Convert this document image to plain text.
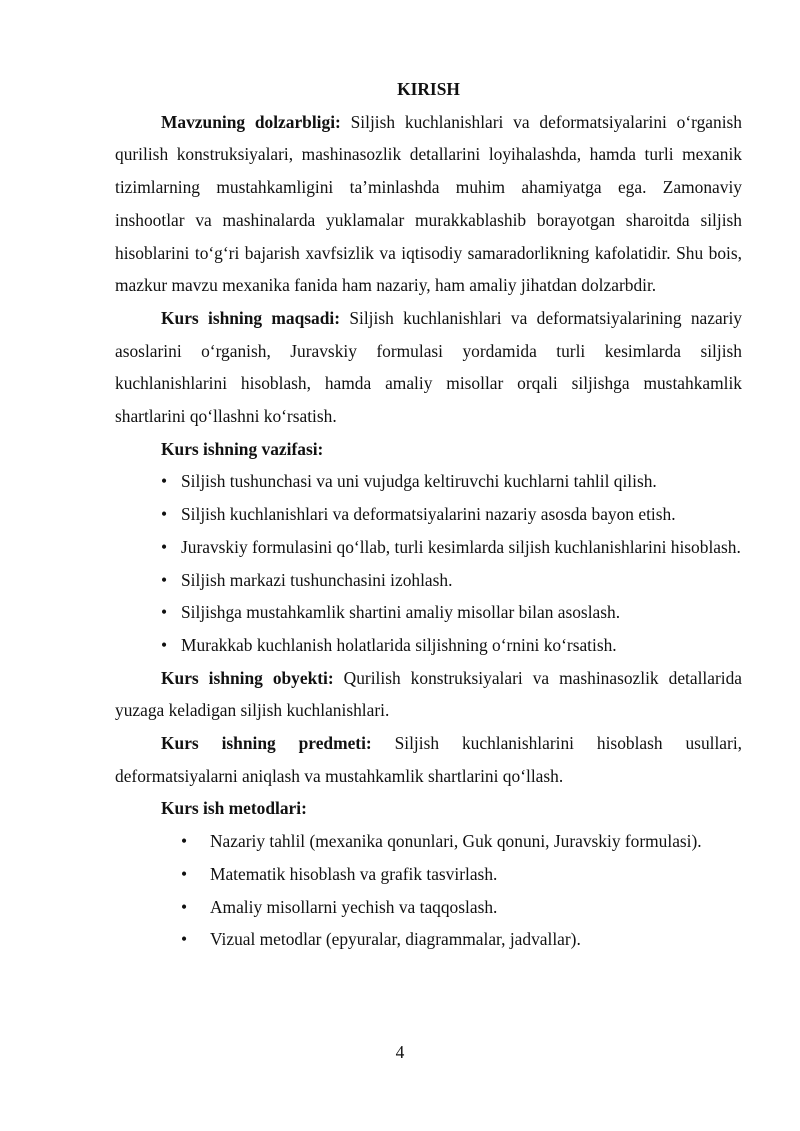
KIRISH

Mavzuning dolzarbligi: Siljish kuchlanishlari va deformatsiyalarini o‘rganish qurilish konstruksiyalari, mashinasozlik detallarini loyihalashda, hamda turli mexanik tizimlarning mustahkamligini ta’minlashda muhim ahamiyatga ega. Zamonaviy inshootlar va mashinalarda yuklamalar murakkablashib borayotgan sharoitda siljish hisoblarini to‘g‘ri bajarish xavfsizlik va iqtisodiy samaradorlikning kafolatidir. Shu bois, mazkur mavzu mexanika fanida ham nazariy, ham amaliy jihatdan dolzarbdir.

Kurs ishning maqsadi: Siljish kuchlanishlari va deformatsiyalarining nazariy asoslarini o‘rganish, Juravskiy formulasi yordamida turli kesimlarda siljish kuchlanishlarini hisoblash, hamda amaliy misollar orqali siljishga mustahkamlik shartlarini qo‘llashni ko‘rsatish.

Kurs ishning vazifasi:

• Siljish tushunchasi va uni vujudga keltiruvchi kuchlarni tahlil qilish.
• Siljish kuchlanishlari va deformatsiyalarini nazariy asosda bayon etish.
• Juravskiy formulasini qo‘llab, turli kesimlarda siljish kuchlanishlarini hisoblash.
• Siljish markazi tushunchasini izohlash.
• Siljishga mustahkamlik shartini amaliy misollar bilan asoslash.
• Murakkab kuchlanish holatlarida siljishning o‘rnini ko‘rsatish.

Kurs ishning obyekti: Qurilish konstruksiyalari va mashinasozlik detallarida yuzaga keladigan siljish kuchlanishlari.

Kurs ishning predmeti: Siljish kuchlanishlarini hisoblash usullari, deformatsiyalarni aniqlash va mustahkamlik shartlarini qo‘llash.

Kurs ish metodlari:

• Nazariy tahlil (mexanika qonunlari, Guk qonuni, Juravskiy formulasi).
• Matematik hisoblash va grafik tasvirlash.
• Amaliy misollarni yechish va taqqoslash.
• Vizual metodlar (epyuralar, diagrammalar, jadvallar).
4
